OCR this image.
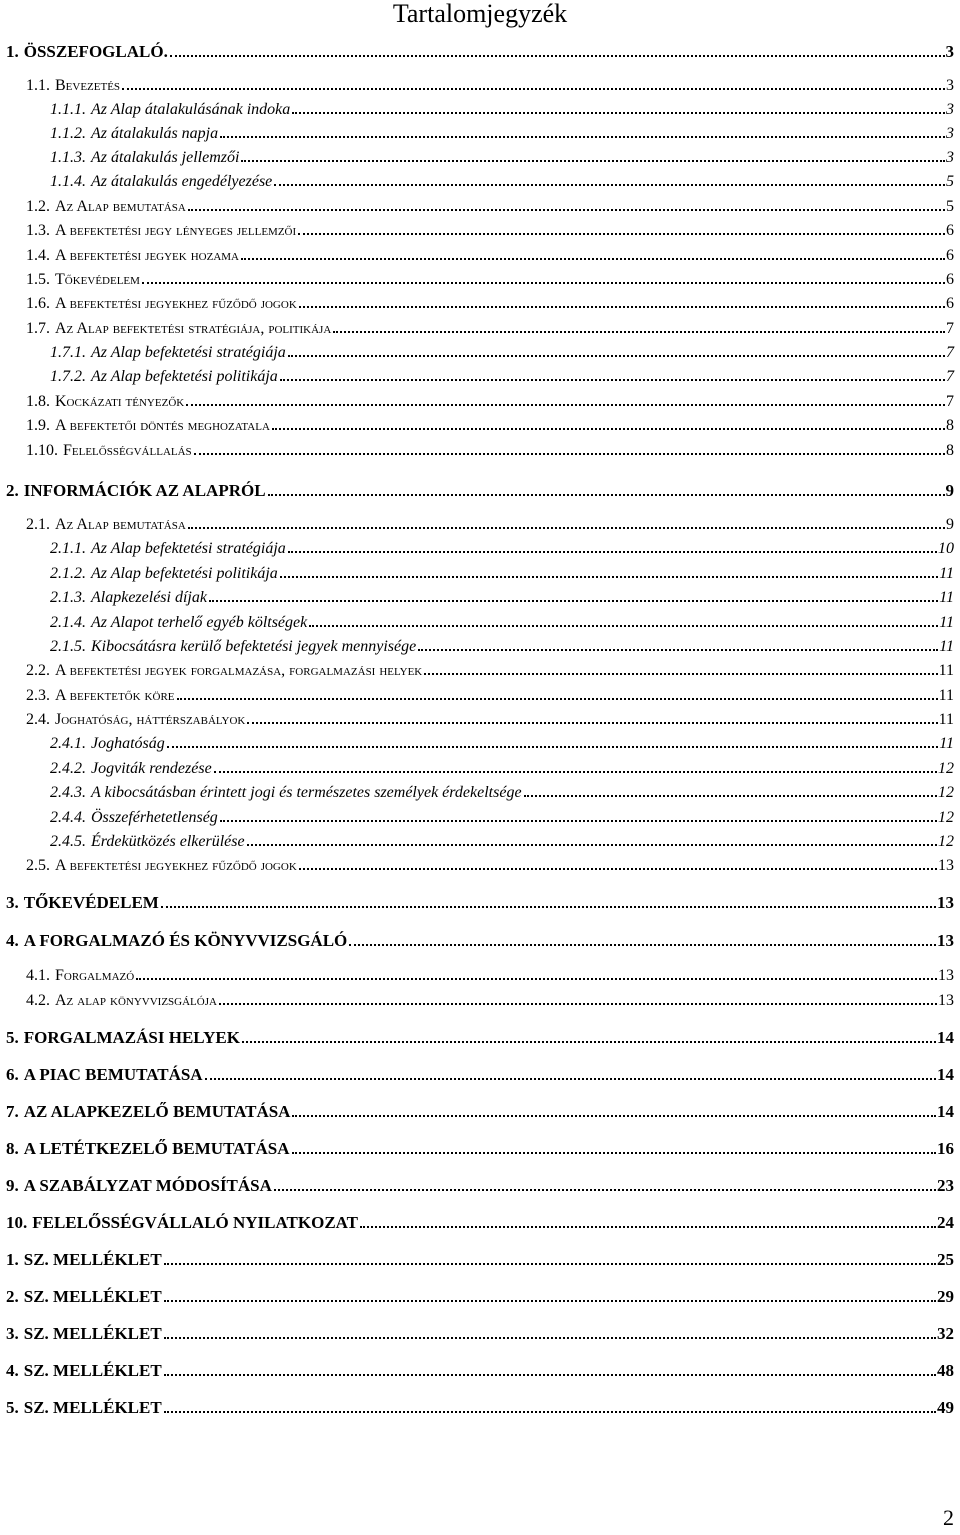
Tartalomjegyzék
1. ÖSSZEFOGLALÓ.	3
1.1. Bevezetés	3
1.1.1. Az Alap átalakulásának indoka	3
1.1.2. Az átalakulás napja	3
1.1.3. Az átalakulás jellemzői	3
1.1.4. Az átalakulás engedélyezése	5
1.2. Az Alap bemutatása	5
1.3. A befektetési jegy lényeges jellemzői	6
1.4. A befektetési jegyek hozama	6
1.5. Tőkevédelem	6
1.6. A befektetési jegyekhez fűződő jogok	6
1.7. Az Alap befektetési stratégiája, politikája	7
1.7.1. Az Alap befektetési stratégiája	7
1.7.2. Az Alap befektetési politikája	7
1.8. Kockázati tényezők	7
1.9. A befektetői döntés meghozatala	8
1.10. Felelősségvállalás	8
2. INFORMÁCIÓK AZ ALAPRÓL	9
2.1. Az Alap bemutatása	9
2.1.1. Az Alap befektetési stratégiája	10
2.1.2. Az Alap befektetési politikája	11
2.1.3. Alapkezelési díjak	11
2.1.4. Az Alapot terhelő egyéb költségek	11
2.1.5. Kibocsátásra kerülő befektetési jegyek mennyisége	11
2.2. A befektetési jegyek forgalmazása, forgalmazási helyek	11
2.3. A befektetők köre	11
2.4. Joghatóság, háttérszabályok	11
2.4.1. Joghatóság	11
2.4.2. Jogviták rendezése	12
2.4.3. A kibocsátásban érintett jogi és természetes személyek érdekeltsége	12
2.4.4. Összeférhetetlenség	12
2.4.5. Érdekütközés elkerülése	12
2.5. A befektetési jegyekhez fűződő jogok	13
3. TŐKEVÉDELEM	13
4. A FORGALMAZÓ ÉS KÖNYVVIZSGÁLÓ	13
4.1. Forgalmazó	13
4.2. Az alap könyvvizsgálója	13
5. FORGALMAZÁSI HELYEK	14
6. A PIAC BEMUTATÁSA	14
7. AZ ALAPKEZELŐ BEMUTATÁSA	14
8. A LETÉTKEZELŐ BEMUTATÁSA	16
9. A SZABÁLYZAT MÓDOSÍTÁSA	23
10. FELELŐSSÉGVÁLLALÓ NYILATKOZAT	24
1. SZ. MELLÉKLET	25
2. SZ. MELLÉKLET	29
3. SZ. MELLÉKLET	32
4. SZ. MELLÉKLET	48
5. SZ. MELLÉKLET	49
2
